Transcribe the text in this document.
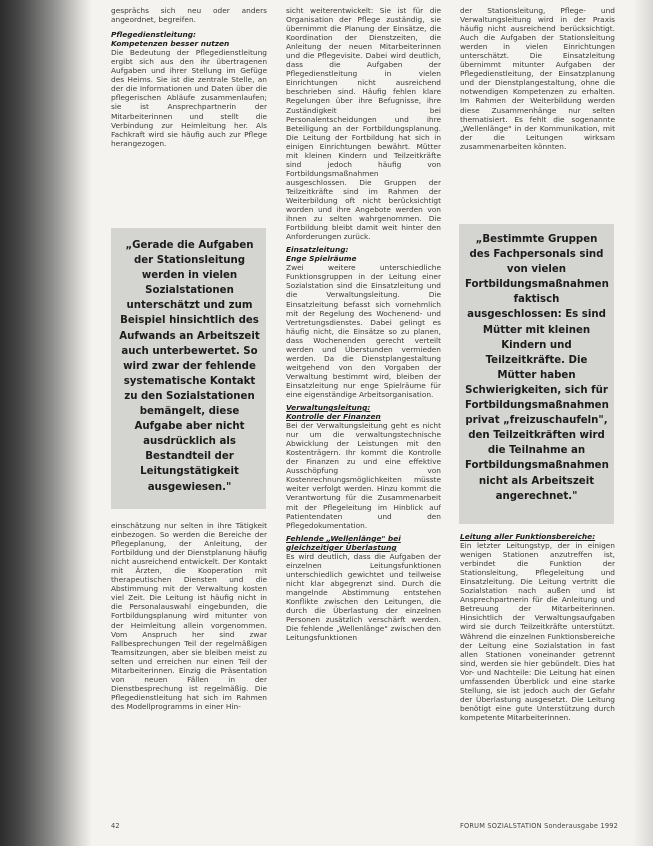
gesprächs sich neu oder anders angeordnet, begreifen.

Pflegedienstleitung:
Kompetenzen besser nutzen

Die Bedeutung der Pflegedienstleitung ergibt sich aus den ihr übertragenen Aufgaben und ihrer Stellung im Gefüge des Heims. Sie ist die zentrale Stelle, an der die Informationen und Daten über die pflegerischen Abläufe zusammenlaufen; sie ist Ansprechpartnerin der Mitarbeiterinnen und stellt die Verbindung zur Heimleitung her. Als Fachkraft wird sie häufig auch zur Pflege herangezogen.

„Gerade die Aufgaben der Stationsleitung werden in vielen Sozialstationen unterschätzt und zum Beispiel hinsichtlich des Aufwands an Arbeitszeit auch unterbewertet. So wird zwar der fehlende systematische Kontakt zu den Sozialstationen bemängelt, diese Aufgabe aber nicht ausdrücklich als Bestandteil der Leitungstätigkeit ausgewiesen."

einschätzung nur selten in ihre Tätigkeit einbezogen. So werden die Bereiche der Pflegeplanung, der Anleitung, der Fortbildung und der Dienstplanung häufig nicht ausreichend entwickelt. Der Kontakt mit Ärzten, die Kooperation mit therapeutischen Diensten und die Abstimmung mit der Verwaltung kosten viel Zeit. Die Leitung ist häufig nicht in die Personalauswahl eingebunden, die Fortbildungsplanung wird mitunter von der Heimleitung allein vorgenommen. Vom Anspruch her sind zwar Fallbesprechungen Teil der regelmäßigen Teamsitzungen, aber sie bleiben meist zu selten und erreichen nur einen Teil der Mitarbeiterinnen. Einzig die Präsentation von neuen Fällen in der Dienstbesprechung ist regelmäßig. Die Pflegedienstleitung hat sich im Rahmen des Modellprogramms in einer Hin-

sicht weiterentwickelt: Sie ist für die Organisation der Pflege zuständig, sie übernimmt die Planung der Einsätze, die Koordination der Dienstzeiten, die Anleitung der neuen Mitarbeiterinnen und die Pflegevisite. Dabei wird deutlich, dass die Aufgaben der Pflegedienstleitung in vielen Einrichtungen nicht ausreichend beschrieben sind. Häufig fehlen klare Regelungen über ihre Befugnisse, ihre Zuständigkeit bei Personalentscheidungen und ihre Beteiligung an der Fortbildungsplanung. Die Leitung der Fortbildung hat sich in einigen Einrichtungen bewährt. Mütter mit kleinen Kindern und Teilzeitkräfte sind jedoch häufig von Fortbildungsmaßnahmen ausgeschlossen. Die Gruppen der Teilzeitkräfte sind im Rahmen der Weiterbildung oft nicht berücksichtigt worden und ihre Angebote werden von ihnen zu selten wahrgenommen. Die Fortbildung bleibt damit weit hinter den Anforderungen zurück.

Einsatzleitung:
Enge Spielräume

Zwei weitere unterschiedliche Funktionsgruppen in der Leitung einer Sozialstation sind die Einsatzleitung und die Verwaltungsleitung. Die Einsatzleitung befasst sich vornehmlich mit der Regelung des Wochenend- und Vertretungsdienstes. Dabei gelingt es häufig nicht, die Einsätze so zu planen, dass Wochenenden gerecht verteilt werden und Überstunden vermieden werden. Da die Dienstplangestaltung weitgehend von den Vorgaben der Verwaltung bestimmt wird, bleiben der Einsatzleitung nur enge Spielräume für eine eigenständige Arbeitsorganisation.

Verwaltungsleitung:
Kontrolle der Finanzen

Bei der Verwaltungsleitung geht es nicht nur um die verwaltungstechnische Abwicklung der Leistungen mit den Kostenträgern. Ihr kommt die Kontrolle der Finanzen zu und eine effektive Ausschöpfung von Kostenrechnungsmöglichkeiten müsste weiter verfolgt werden. Hinzu kommt die Verantwortung für die Zusammenarbeit mit der Pflegeleitung im Hinblick auf Patientendaten und den Pflegedokumentation.

Fehlende „Wellenlänge" bei
gleichzeitiger Überlastung

Es wird deutlich, dass die Aufgaben der einzelnen Leitungsfunktionen unterschiedlich gewichtet und teilweise nicht klar abgegrenzt sind. Durch die mangelnde Abstimmung entstehen Konflikte zwischen den Leitungen, die durch die Überlastung der einzelnen Personen zusätzlich verschärft werden. Die fehlende „Wellenlänge" zwischen den Leitungsfunktionen

der Stationsleitung, Pflege- und Verwaltungsleitung wird in der Praxis häufig nicht ausreichend berücksichtigt. Auch die Aufgaben der Stationsleitung werden in vielen Einrichtungen unterschätzt. Die Einsatzleitung übernimmt mitunter Aufgaben der Pflegedienstleitung, der Einsatzplanung und der Dienstplangestaltung, ohne die notwendigen Kompetenzen zu erhalten. Im Rahmen der Weiterbildung werden diese Zusammenhänge nur selten thematisiert. Es fehlt die sogenannte „Wellenlänge" in der Kommunikation, mit der die Leitungen wirksam zusammenarbeiten könnten.

„Bestimmte Gruppen des Fachpersonals sind von vielen Fortbildungsmaßnahmen faktisch ausgeschlossen: Es sind Mütter mit kleinen Kindern und Teilzeitkräfte. Die Mütter haben Schwierigkeiten, sich für Fortbildungsmaßnahmen privat „freizuschaufeln", den Teilzeitkräften wird die Teilnahme an Fortbildungsmaßnahmen nicht als Arbeitszeit angerechnet."
Leitung aller Funktionsbereiche:

Ein letzter Leitungstyp, der in einigen wenigen Stationen anzutreffen ist, verbindet die Funktion der Stationsleitung, Pflegeleitung und Einsatzleitung. Die Leitung vertritt die Sozialstation nach außen und ist Ansprechpartnerin für die Anleitung und Betreuung der Mitarbeiterinnen. Hinsichtlich der Verwaltungsaufgaben wird sie durch Teilzeitkräfte unterstützt. Während die einzelnen Funktionsbereiche der Leitung eine Sozialstation in fast allen Stationen voneinander getrennt sind, werden sie hier gebündelt. Dies hat Vor- und Nachteile: Die Leitung hat einen umfassenden Überblick und eine starke Stellung, sie ist jedoch auch der Gefahr der Überlastung ausgesetzt. Die Leitung benötigt eine gute Unterstützung durch kompetente Mitarbeiterinnen.

42	FORUM SOZIALSTATION Sonderausgabe 1992
